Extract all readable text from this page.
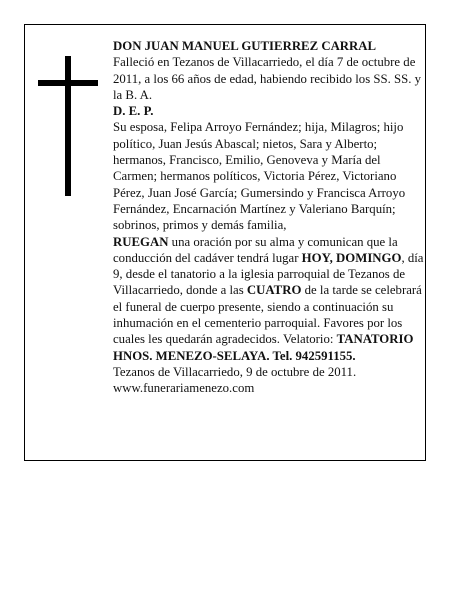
DON JUAN MANUEL GUTIERREZ CARRAL

Falleció en Tezanos de Villacarriedo, el día 7 de octubre de 2011, a los 66 años de edad, habiendo recibido los SS. SS. y la B. A.

D. E. P.

Su esposa, Felipa Arroyo Fernández; hija, Milagros; hijo político, Juan Jesús Abascal; nietos, Sara y Alberto; hermanos, Francisco, Emilio, Genoveva y María del Carmen; hermanos políticos, Victoria Pérez, Victoriano Pérez, Juan José García; Gumersindo y Francisca Arroyo Fernández, Encarnación Martínez y Valeriano Barquín; sobrinos, primos y demás familia,

RUEGAN una oración por su alma y comunican que la conducción del cadáver tendrá lugar HOY, DOMINGO, día 9, desde el tanatorio a la iglesia parroquial de Tezanos de Villacarriedo, donde a las CUATRO de la tarde se celebrará el funeral de cuerpo presente, siendo a continuación su inhumación en el cementerio parroquial. Favores por los cuales les quedarán agradecidos. Velatorio: TANATORIO HNOS. MENEZO-SELAYA. Tel. 942591155.

Tezanos de Villacarriedo, 9 de octubre de 2011.

www.funerariamenezo.com
